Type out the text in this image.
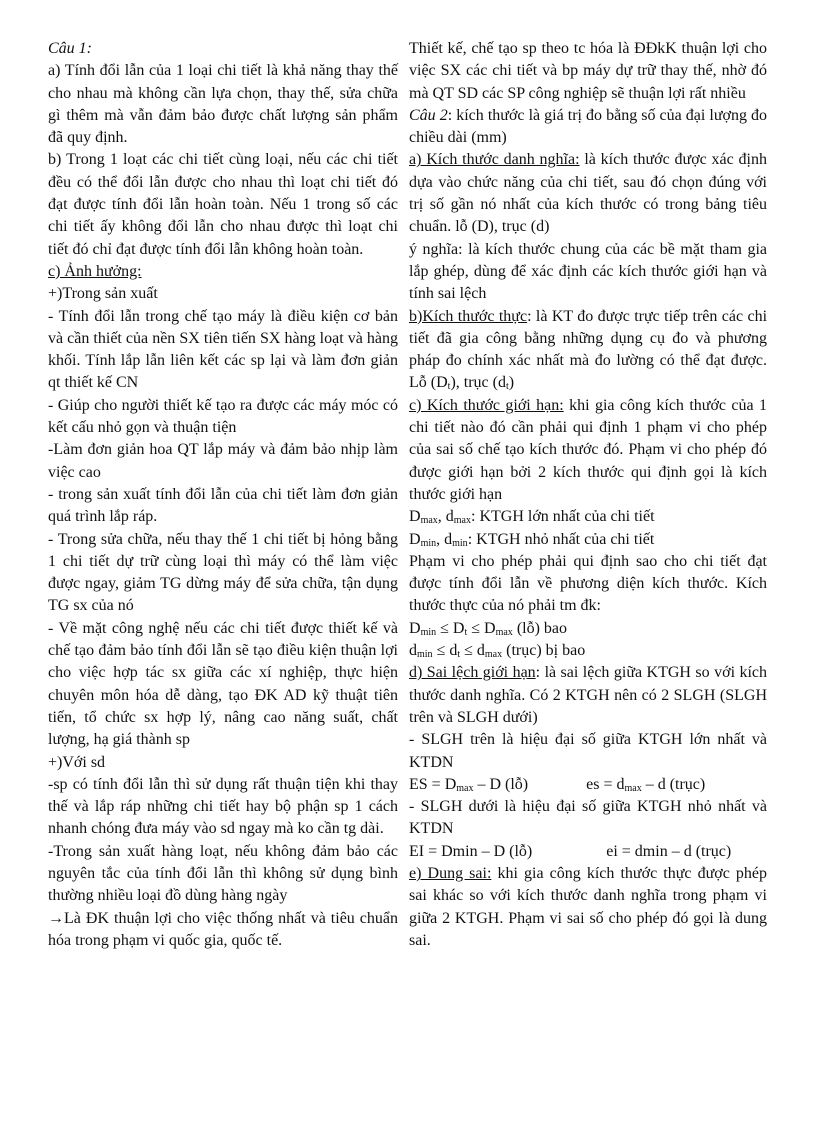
Câu 1:

a) Tính đổi lẫn của 1 loại chi tiết là khả năng thay thế cho nhau mà không cần lựa chọn, thay thế, sửa chữa gì thêm mà vẫn đảm bảo được chất lượng sản phẩm đã quy định.

b) Trong 1 loạt các chi tiết cùng loại, nếu các chi tiết đều có thể đổi lẫn được cho nhau thì loạt chi tiết đó đạt được tính đổi lẫn hoàn toàn. Nếu 1 trong số các chi tiết ấy không đổi lẫn cho nhau được thì loạt chi tiết đó chỉ đạt được tính đổi lẫn không hoàn toàn.

c) Ảnh hưởng:

+)Trong sản xuất

- Tính đổi lẫn trong chế tạo máy là điều kiện cơ bản và cần thiết của nền SX tiên tiến SX hàng loạt và hàng khối. Tính lắp lẫn liên kết các sp lại và làm đơn giản qt thiết kế CN

- Giúp cho người thiết kế tạo ra được các máy móc có kết cấu nhỏ gọn và thuận tiện

-Làm đơn giản hoa QT lắp máy và đảm bảo nhịp làm việc cao

- trong sản xuất tính đổi lẫn của chi tiết làm đơn giản quá trình lắp ráp.

- Trong sửa chữa, nếu thay thế 1 chi tiết bị hỏng bằng 1 chi tiết dự trữ cùng loại thì máy có thể làm việc được ngay, giảm TG dừng máy để sửa chữa, tận dụng TG sx của nó

- Về mặt công nghệ nếu các chi tiết được thiết kế và chế tạo đảm bảo tính đổi lẫn sẽ tạo điều kiện thuận lợi cho việc hợp tác sx giữa các xí nghiệp, thực hiện chuyên môn hóa dễ dàng, tạo ĐK AD kỹ thuật tiên tiến, tổ chức sx hợp lý, nâng cao năng suất, chất lượng, hạ giá thành sp

+)Với sd

-sp có tính đổi lẫn thì sử dụng rất thuận tiện khi thay thế và lắp ráp những chi tiết hay bộ phận sp 1 cách nhanh chóng đưa máy vào sd ngay mà ko cần tg dài.

-Trong sản xuất hàng loạt, nếu không đảm bảo các nguyên tắc của tính đổi lẫn thì không sử dụng bình thường nhiều loại đồ dùng hàng ngày

→Là ĐK thuận lợi cho việc thống nhất và tiêu chuẩn hóa trong phạm vi quốc gia, quốc tế.

Thiết kế, chế tạo sp theo tc hóa là ĐĐkK thuận lợi cho việc SX các chi tiết và bp máy dự trữ thay thế, nhờ đó mà QT SD các SP công nghiệp sẽ thuận lợi rất nhiều

Câu 2: kích thước là giá trị đo bằng số của đại lượng đo chiều dài (mm)

a) Kích thước danh nghĩa: là kích thước được xác định dựa vào chức năng của chi tiết, sau đó chọn đúng với trị số gần nó nhất của kích thước có trong bảng tiêu chuẩn. lỗ (D), trục (d)

ý nghĩa: là kích thước chung của các bề mặt tham gia lắp ghép, dùng để xác định các kích thước giới hạn và tính sai lệch

b)Kích thước thực: là KT đo được trực tiếp trên các chi tiết đã gia công bằng những dụng cụ đo và phương pháp đo chính xác nhất mà đo lường có thể đạt được. Lỗ $(D_t)$, trục $(d_t)$

c) Kích thước giới hạn: khi gia công kích thước của 1 chi tiết nào đó cần phải qui định 1 phạm vi cho phép của sai số chế tạo kích thước đó. Phạm vi cho phép đó được giới hạn bởi 2 kích thước qui định gọi là kích thước giới hạn

$D_{max}$, $d_{max}$: KTGH lớn nhất của chi tiết

$D_{min}$, $d_{min}$: KTGH nhỏ nhất của chi tiết

Phạm vi cho phép phải qui định sao cho chi tiết đạt được tính đổi lẫn về phương diện kích thước. Kích thước thực của nó phải tm đk:

$D_{min} \le D_t \le D_{max}$ (lỗ) bao

$d_{min} \le d_t \le d_{max}$ (trục) bị bao

d) Sai lệch giới hạn: là sai lệch giữa KTGH so với kích thước danh nghĩa. Có 2 KTGH nên có 2 SLGH (SLGH trên và SLGH dưới)

- SLGH trên là hiệu đại số giữa KTGH lớn nhất và KTDN

ES = $D_{max}$ – D (lỗ)	es = $d_{max}$ – d (trục)

- SLGH dưới là hiệu đại số giữa KTGH nhỏ nhất và KTDN

EI = Dmin – D (lỗ)	ei = dmin – d (trục)

e) Dung sai: khi gia công kích thước thực được phép sai khác so với kích thước danh nghĩa trong phạm vi giữa 2 KTGH. Phạm vi sai số cho phép đó gọi là dung sai.
